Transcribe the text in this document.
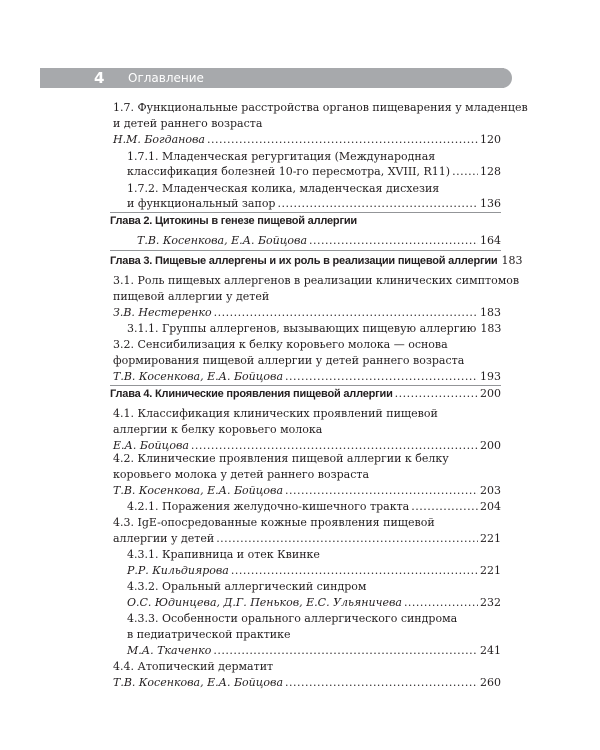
4 Оглавление
1.7. Функциональные расстройства органов пищеварения у младенцев
и детей раннего возраста
Н.М. Богданова .....	120
1.7.1. Младенческая регургитация (Международная
классификация болезней 10-го пересмотра, XVIII, R11) .....	128
1.7.2. Младенческая колика, младенческая дисхезия
и функциональный запор .....	136
Глава 2. Цитокины в генезе пищевой аллергии
Т.В. Косенкова, Е.А. Бойцова .....	164
Глава 3. Пищевые аллергены и их роль в реализации пищевой аллергии 183
3.1. Роль пищевых аллергенов в реализации клинических симптомов
пищевой аллергии у детей
З.В. Нестеренко .....	183
3.1.1. Группы аллергенов, вызывающих пищевую аллергию 183
3.2. Сенсибилизация к белку коровьего молока — основа
формирования пищевой аллергии у детей раннего возраста
Т.В. Косенкова, Е.А. Бойцова .....	193
Глава 4. Клинические проявления пищевой аллергии .....	200
4.1. Классификация клинических проявлений пищевой
аллергии к белку коровьего молока
Е.А. Бойцова .....	200
4.2. Клинические проявления пищевой аллергии к белку
коровьего молока у детей раннего возраста
Т.В. Косенкова, Е.А. Бойцова .....	203
4.2.1. Поражения желудочно-кишечного тракта .....	204
4.3. IgE-опосредованные кожные проявления пищевой
аллергии у детей .....	221
4.3.1. Крапивница и отек Квинке
Р.Р. Кильдиярова .....	221
4.3.2. Оральный аллергический синдром
О.С. Юдинцева, Д.Г. Пеньков, Е.С. Ульяничева .....	232
4.3.3. Особенности орального аллергического синдрома
в педиатрической практике
М.А. Ткаченко .....	241
4.4. Атопический дерматит
Т.В. Косенкова, Е.А. Бойцова .....	260
